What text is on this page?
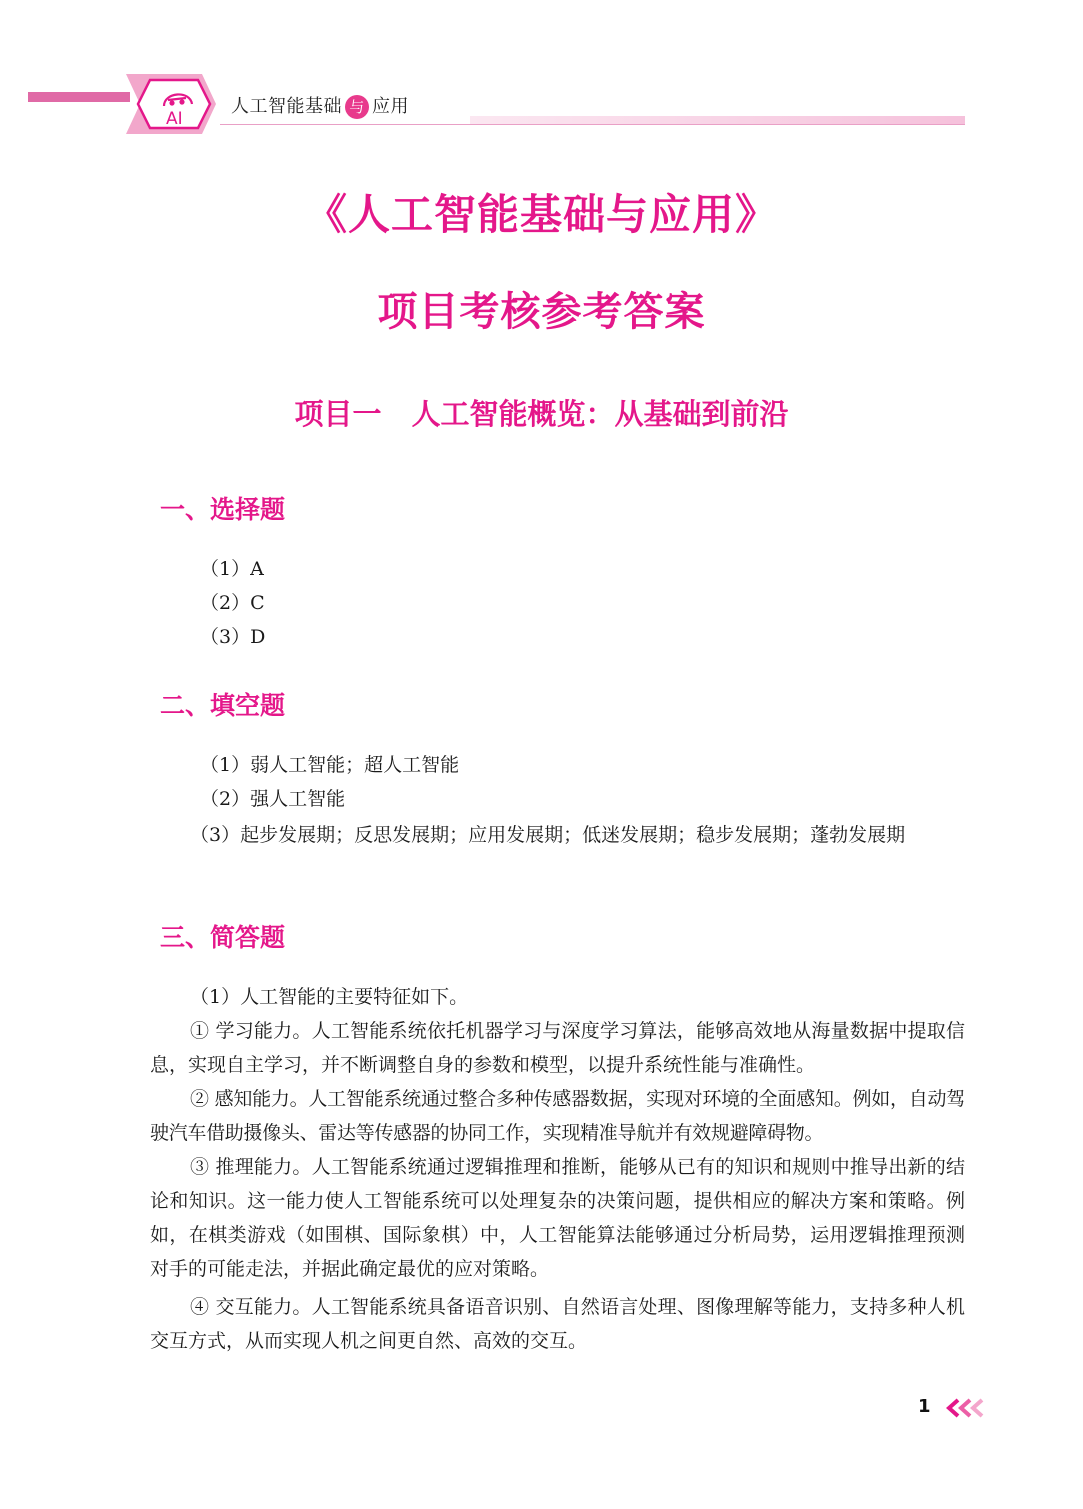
AI
人工智能基础 与 应用
《人工智能基础与应用》
项目考核参考答案
项目一 人工智能概览：从基础到前沿
一、选择题
（1）A
（2）C
（3）D
二、填空题
（1）弱人工智能；超人工智能
（2）强人工智能
（3）起步发展期；反思发展期；应用发展期；低迷发展期；稳步发展期；蓬勃发展期
三、简答题
（1）人工智能的主要特征如下。
① 学习能力。人工智能系统依托机器学习与深度学习算法，能够高效地从海量数据中提取信息，实现自主学习，并不断调整自身的参数和模型，以提升系统性能与准确性。
② 感知能力。人工智能系统通过整合多种传感器数据，实现对环境的全面感知。例如，自动驾驶汽车借助摄像头、雷达等传感器的协同工作，实现精准导航并有效规避障碍物。
③ 推理能力。人工智能系统通过逻辑推理和推断，能够从已有的知识和规则中推导出新的结论和知识。这一能力使人工智能系统可以处理复杂的决策问题，提供相应的解决方案和策略。例如，在棋类游戏（如围棋、国际象棋）中，人工智能算法能够通过分析局势，运用逻辑推理预测对手的可能走法，并据此确定最优的应对策略。
④ 交互能力。人工智能系统具备语音识别、自然语言处理、图像理解等能力，支持多种人机交互方式，从而实现人机之间更自然、高效的交互。
1
